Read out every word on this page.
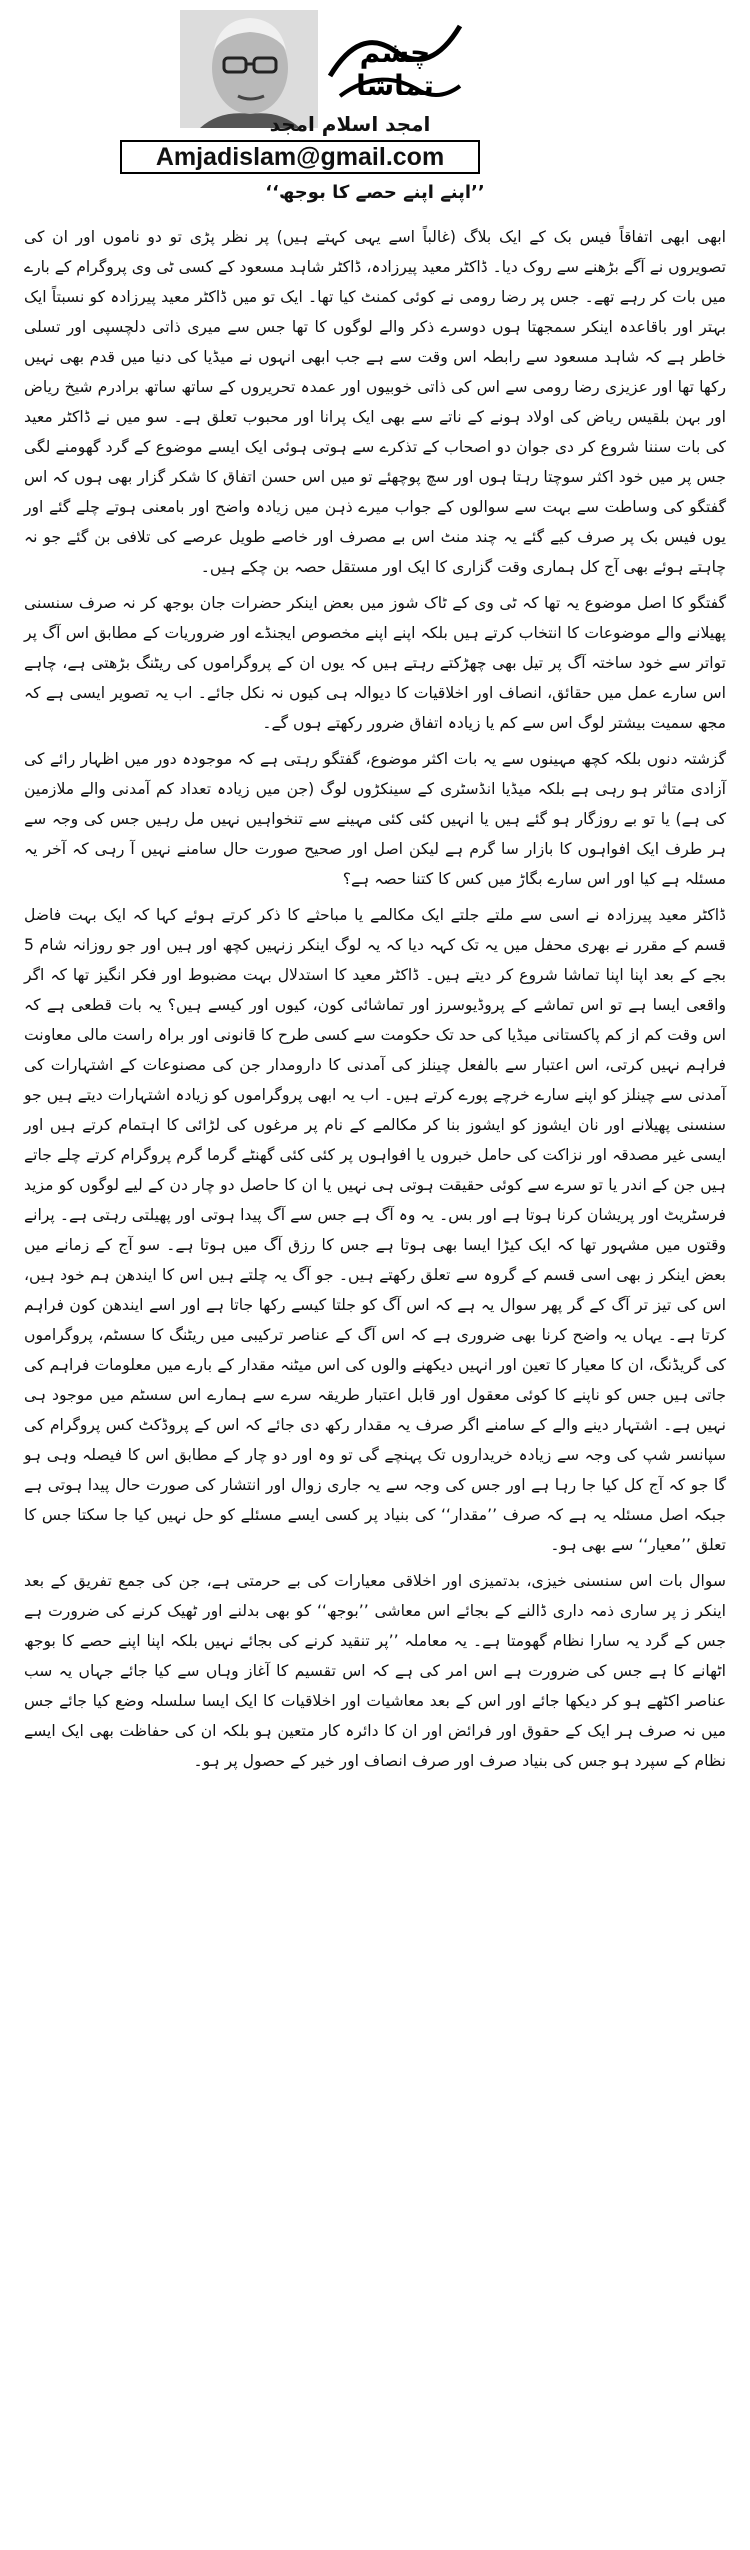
چشم تماشا
امجد اسلام امجد
Amjadislam@gmail.com
’’اپنے اپنے حصے کا بوجھ‘‘

ابھی ابھی اتفاقاً فیس بک کے ایک بلاگ (غالباً اسے یہی کہتے ہیں) پر نظر پڑی تو دو ناموں اور ان کی تصویروں نے آگے بڑھنے سے روک دیا۔ ڈاکٹر معید پیرزادہ، ڈاکٹر شاہد مسعود کے کسی ٹی وی پروگرام کے بارے میں بات کر رہے تھے۔ جس پر رضا رومی نے کوئی کمنٹ کیا تھا۔ ایک تو میں ڈاکٹر معید پیرزادہ کو نسبتاً ایک بہتر اور باقاعدہ اینکر سمجھتا ہوں دوسرے ذکر والے لوگوں کا تھا جس سے میری ذاتی دلچسپی اور تسلی خاطر ہے کہ شاہد مسعود سے رابطہ اس وقت سے ہے جب ابھی انہوں نے میڈیا کی دنیا میں قدم بھی نہیں رکھا تھا اور عزیزی رضا رومی سے اس کی ذاتی خوبیوں اور عمدہ تحریروں کے ساتھ ساتھ برادرم شیخ ریاض اور بہن بلقیس ریاض کی اولاد ہونے کے ناتے سے بھی ایک پرانا اور محبوب تعلق ہے۔ سو میں نے ڈاکٹر معید کی بات سننا شروع کر دی جوان دو اصحاب کے تذکرے سے ہوتی ہوئی ایک ایسے موضوع کے گرد گھومنے لگی جس پر میں خود اکثر سوچتا رہتا ہوں اور سچ پوچھئے تو میں اس حسن اتفاق کا شکر گزار بھی ہوں کہ اس گفتگو کی وساطت سے بہت سے سوالوں کے جواب میرے ذہن میں زیادہ واضح اور بامعنی ہوتے چلے گئے اور یوں فیس بک پر صرف کیے گئے یہ چند منٹ اس بے مصرف اور خاصے طویل عرصے کی تلافی بن گئے جو نہ چاہتے ہوئے بھی آج کل ہماری وقت گزاری کا ایک اور مستقل حصہ بن چکے ہیں۔

گفتگو کا اصل موضوع یہ تھا کہ ٹی وی کے ٹاک شوز میں بعض اینکر حضرات جان بوجھ کر نہ صرف سنسنی پھیلانے والے موضوعات کا انتخاب کرتے ہیں بلکہ اپنے اپنے مخصوص ایجنڈے اور ضروریات کے مطابق اس آگ پر تواتر سے خود ساختہ آگ پر تیل بھی چھڑکتے رہتے ہیں کہ یوں ان کے پروگراموں کی ریٹنگ بڑھتی ہے، چاہے اس سارے عمل میں حقائق، انصاف اور اخلاقیات کا دیوالہ ہی کیوں نہ نکل جائے۔ اب یہ تصویر ایسی ہے کہ مجھ سمیت بیشتر لوگ اس سے کم یا زیادہ اتفاق ضرور رکھتے ہوں گے۔

گزشتہ دنوں بلکہ کچھ مہینوں سے یہ بات اکثر موضوع، گفتگو رہتی ہے کہ موجودہ دور میں اظہار رائے کی آزادی متاثر ہو رہی ہے بلکہ میڈیا انڈسٹری کے سینکڑوں لوگ (جن میں زیادہ تعداد کم آمدنی والے ملازمین کی ہے) یا تو بے روزگار ہو گئے ہیں یا انہیں کئی کئی مہینے سے تنخواہیں نہیں مل رہیں جس کی وجہ سے ہر طرف ایک افواہوں کا بازار سا گرم ہے لیکن اصل اور صحیح صورت حال سامنے نہیں آ رہی کہ آخر یہ مسئلہ ہے کیا اور اس سارے بگاڑ میں کس کا کتنا حصہ ہے؟

ڈاکٹر معید پیرزادہ نے اسی سے ملتے جلتے ایک مکالمے یا مباحثے کا ذکر کرتے ہوئے کہا کہ ایک بہت فاضل قسم کے مقرر نے بھری محفل میں یہ تک کہہ دیا کہ یہ لوگ اینکر زنہیں کچھ اور ہیں اور جو روزانہ شام 5 بجے کے بعد اپنا اپنا تماشا شروع کر دیتے ہیں۔ ڈاکٹر معید کا استدلال بہت مضبوط اور فکر انگیز تھا کہ اگر واقعی ایسا ہے تو اس تماشے کے پروڈیوسرز اور تماشائی کون، کیوں اور کیسے ہیں؟ یہ بات قطعی ہے کہ اس وقت کم از کم پاکستانی میڈیا کی حد تک حکومت سے کسی طرح کا قانونی اور براہ راست مالی معاونت فراہم نہیں کرتی، اس اعتبار سے بالفعل چینلز کی آمدنی کا دارومدار جن کی مصنوعات کے اشتہارات کی آمدنی سے چینلز کو اپنے سارے خرچے پورے کرتے ہیں۔ اب یہ ابھی پروگراموں کو زیادہ اشتہارات دیتے ہیں جو سنسنی پھیلانے اور نان ایشوز کو ایشوز بنا کر مکالمے کے نام پر مرغوں کی لڑائی کا اہتمام کرتے ہیں اور ایسی غیر مصدقہ اور نزاکت کی حامل خبروں یا افواہوں پر کئی کئی گھنٹے گرما گرم پروگرام کرتے چلے جاتے ہیں جن کے اندر یا تو سرے سے کوئی حقیقت ہوتی ہی نہیں یا ان کا حاصل دو چار دن کے لیے لوگوں کو مزید فرسٹریٹ اور پریشان کرنا ہوتا ہے اور بس۔ یہ وہ آگ ہے جس سے آگ پیدا ہوتی اور پھیلتی رہتی ہے۔ پرانے وقتوں میں مشہور تھا کہ ایک کیڑا ایسا بھی ہوتا ہے جس کا رزق آگ میں ہوتا ہے۔ سو آج کے زمانے میں بعض اینکر ز بھی اسی قسم کے گروہ سے تعلق رکھتے ہیں۔ جو آگ یہ چلتے ہیں اس کا ایندھن ہم خود ہیں، اس کی تیز تر آگ کے گر پھر سوال یہ ہے کہ اس آگ کو جلتا کیسے رکھا جاتا ہے اور اسے ایندھن کون فراہم کرتا ہے۔ یہاں یہ واضح کرنا بھی ضروری ہے کہ اس آگ کے عناصر ترکیبی میں ریٹنگ کا سسٹم، پروگراموں کی گریڈنگ، ان کا معیار کا تعین اور انہیں دیکھنے والوں کی اس میٹنہ مقدار کے بارے میں معلومات فراہم کی جاتی ہیں جس کو ناپنے کا کوئی معقول اور قابل اعتبار طریقہ سرے سے ہمارے اس سسٹم میں موجود ہی نہیں ہے۔ اشتہار دینے والے کے سامنے اگر صرف یہ مقدار رکھ دی جائے کہ اس کے پروڈکٹ کس پروگرام کی سپانسر شپ کی وجہ سے زیادہ خریداروں تک پہنچے گی تو وہ اور دو چار کے مطابق اس کا فیصلہ وہی ہو گا جو کہ آج کل کیا جا رہا ہے اور جس کی وجہ سے یہ جاری زوال اور انتشار کی صورت حال پیدا ہوتی ہے جبکہ اصل مسئلہ یہ ہے کہ صرف ’’مقدار‘‘ کی بنیاد پر کسی ایسے مسئلے کو حل نہیں کیا جا سکتا جس کا تعلق ’’معیار‘‘ سے بھی ہو۔

سوال بات اس سنسنی خیزی، بدتمیزی اور اخلاقی معیارات کی بے حرمتی ہے، جن کی جمع تفریق کے بعد اینکر ز پر ساری ذمہ داری ڈالنے کے بجائے اس معاشی ’’بوجھ‘‘ کو بھی بدلنے اور ٹھیک کرنے کی ضرورت ہے جس کے گرد یہ سارا نظام گھومتا ہے۔ یہ معاملہ ’’پر تنقید کرنے کی بجائے نہیں بلکہ اپنا اپنے حصے کا بوجھ اٹھانے کا ہے جس کی ضرورت ہے اس امر کی ہے کہ اس تقسیم کا آغاز وہاں سے کیا جائے جہاں یہ سب عناصر اکٹھے ہو کر دیکھا جائے اور اس کے بعد معاشیات اور اخلاقیات کا ایک ایسا سلسلہ وضع کیا جائے جس میں نہ صرف ہر ایک کے حقوق اور فرائض اور ان کا دائرہ کار متعین ہو بلکہ ان کی حفاظت بھی ایک ایسے نظام کے سپرد ہو جس کی بنیاد صرف اور صرف انصاف اور خیر کے حصول پر ہو۔
